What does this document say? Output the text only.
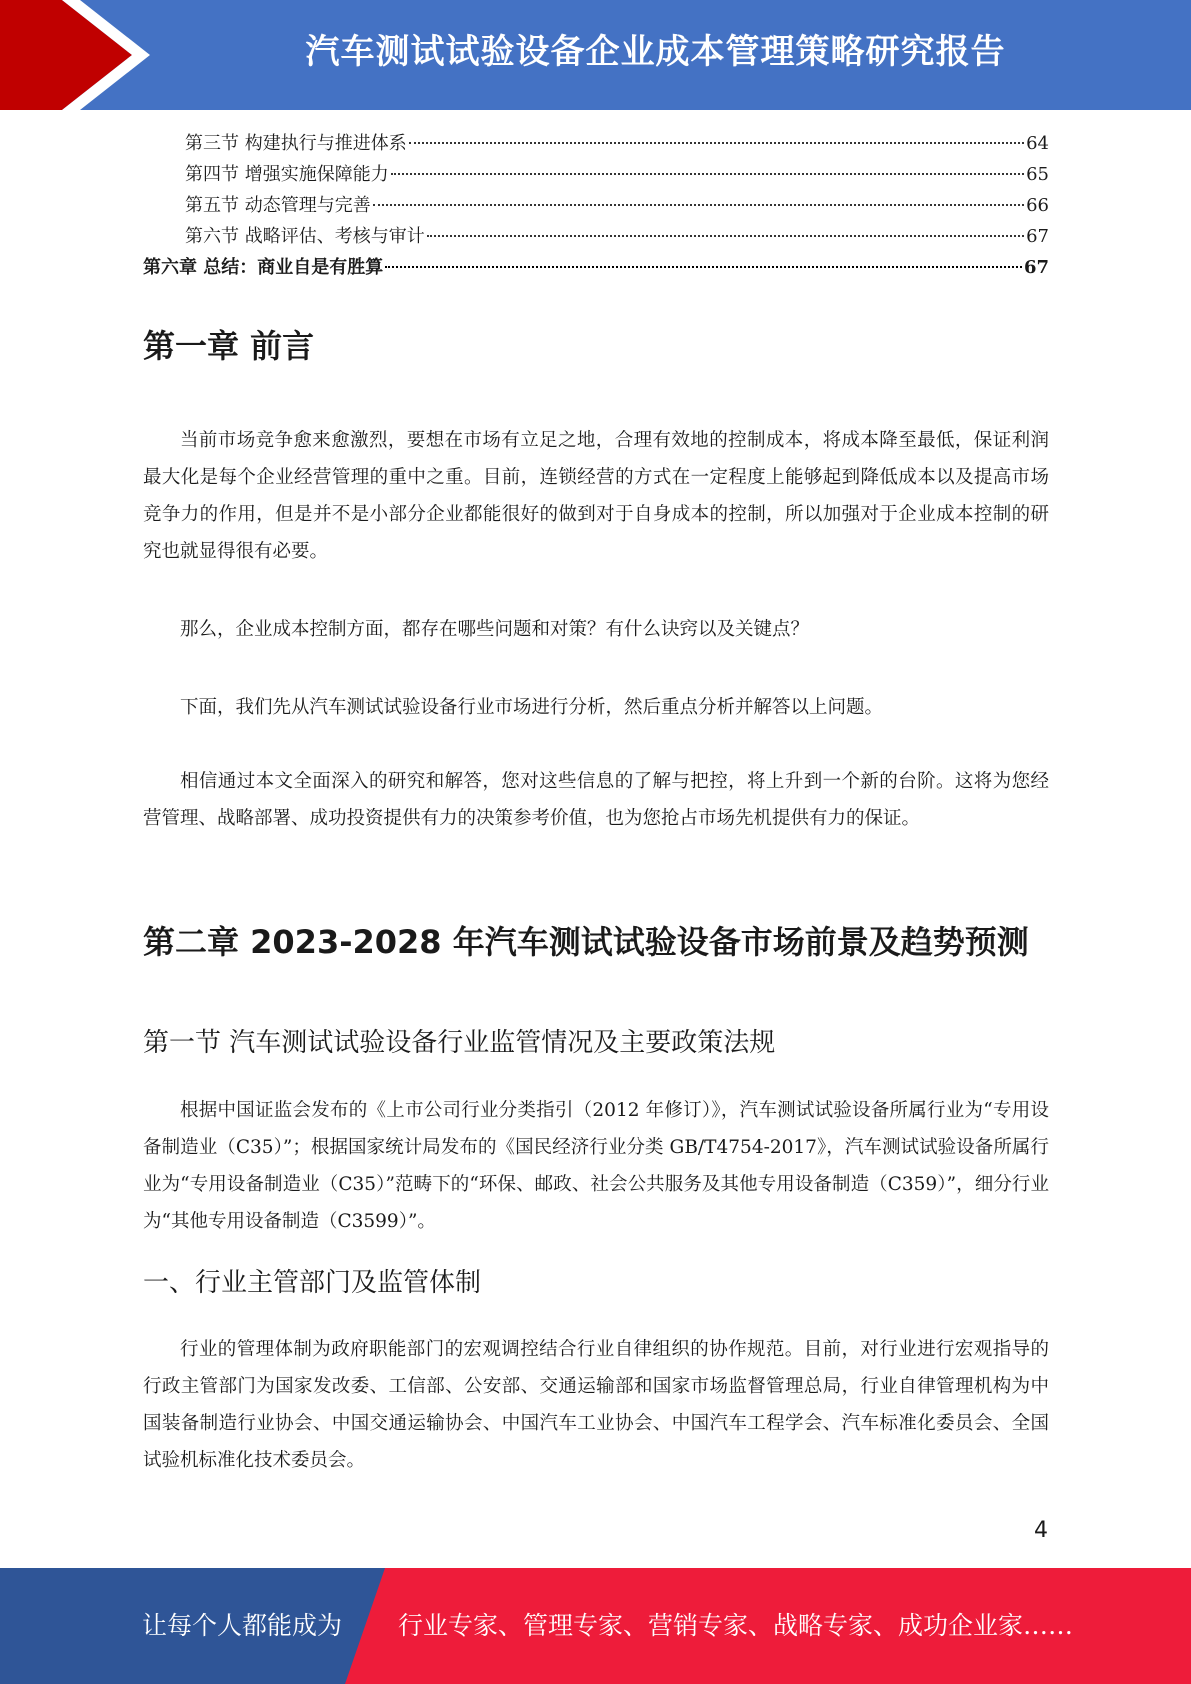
汽车测试试验设备企业成本管理策略研究报告
第三节 构建执行与推进体系	64
第四节 增强实施保障能力	65
第五节 动态管理与完善	66
第六节 战略评估、考核与审计	67
第六章 总结：商业自是有胜算	67
第一章 前言

当前市场竞争愈来愈激烈，要想在市场有立足之地，合理有效地的控制成本，将成本降至最低，保证利润最大化是每个企业经营管理的重中之重。目前，连锁经营的方式在一定程度上能够起到降低成本以及提高市场竞争力的作用，但是并不是小部分企业都能很好的做到对于自身成本的控制，所以加强对于企业成本控制的研究也就显得很有必要。

那么，企业成本控制方面，都存在哪些问题和对策？有什么诀窍以及关键点？

下面，我们先从汽车测试试验设备行业市场进行分析，然后重点分析并解答以上问题。

相信通过本文全面深入的研究和解答，您对这些信息的了解与把控，将上升到一个新的台阶。这将为您经营管理、战略部署、成功投资提供有力的决策参考价值，也为您抢占市场先机提供有力的保证。

第二章 2023-2028 年汽车测试试验设备市场前景及趋势预测
第一节 汽车测试试验设备行业监管情况及主要政策法规

根据中国证监会发布的《上市公司行业分类指引（2012 年修订）》，汽车测试试验设备所属行业为“专用设备制造业（C35）”；根据国家统计局发布的《国民经济行业分类 GB/T4754-2017》，汽车测试试验设备所属行业为“专用设备制造业（C35）”范畴下的“环保、邮政、社会公共服务及其他专用设备制造（C359）”，细分行业为“其他专用设备制造（C3599）”。

一、行业主管部门及监管体制

行业的管理体制为政府职能部门的宏观调控结合行业自律组织的协作规范。目前，对行业进行宏观指导的行政主管部门为国家发改委、工信部、公安部、交通运输部和国家市场监督管理总局，行业自律管理机构为中国装备制造行业协会、中国交通运输协会、中国汽车工业协会、中国汽车工程学会、汽车标准化委员会、全国试验机标准化技术委员会。

4
让每个人都能成为 行业专家、管理专家、营销专家、战略专家、成功企业家……
